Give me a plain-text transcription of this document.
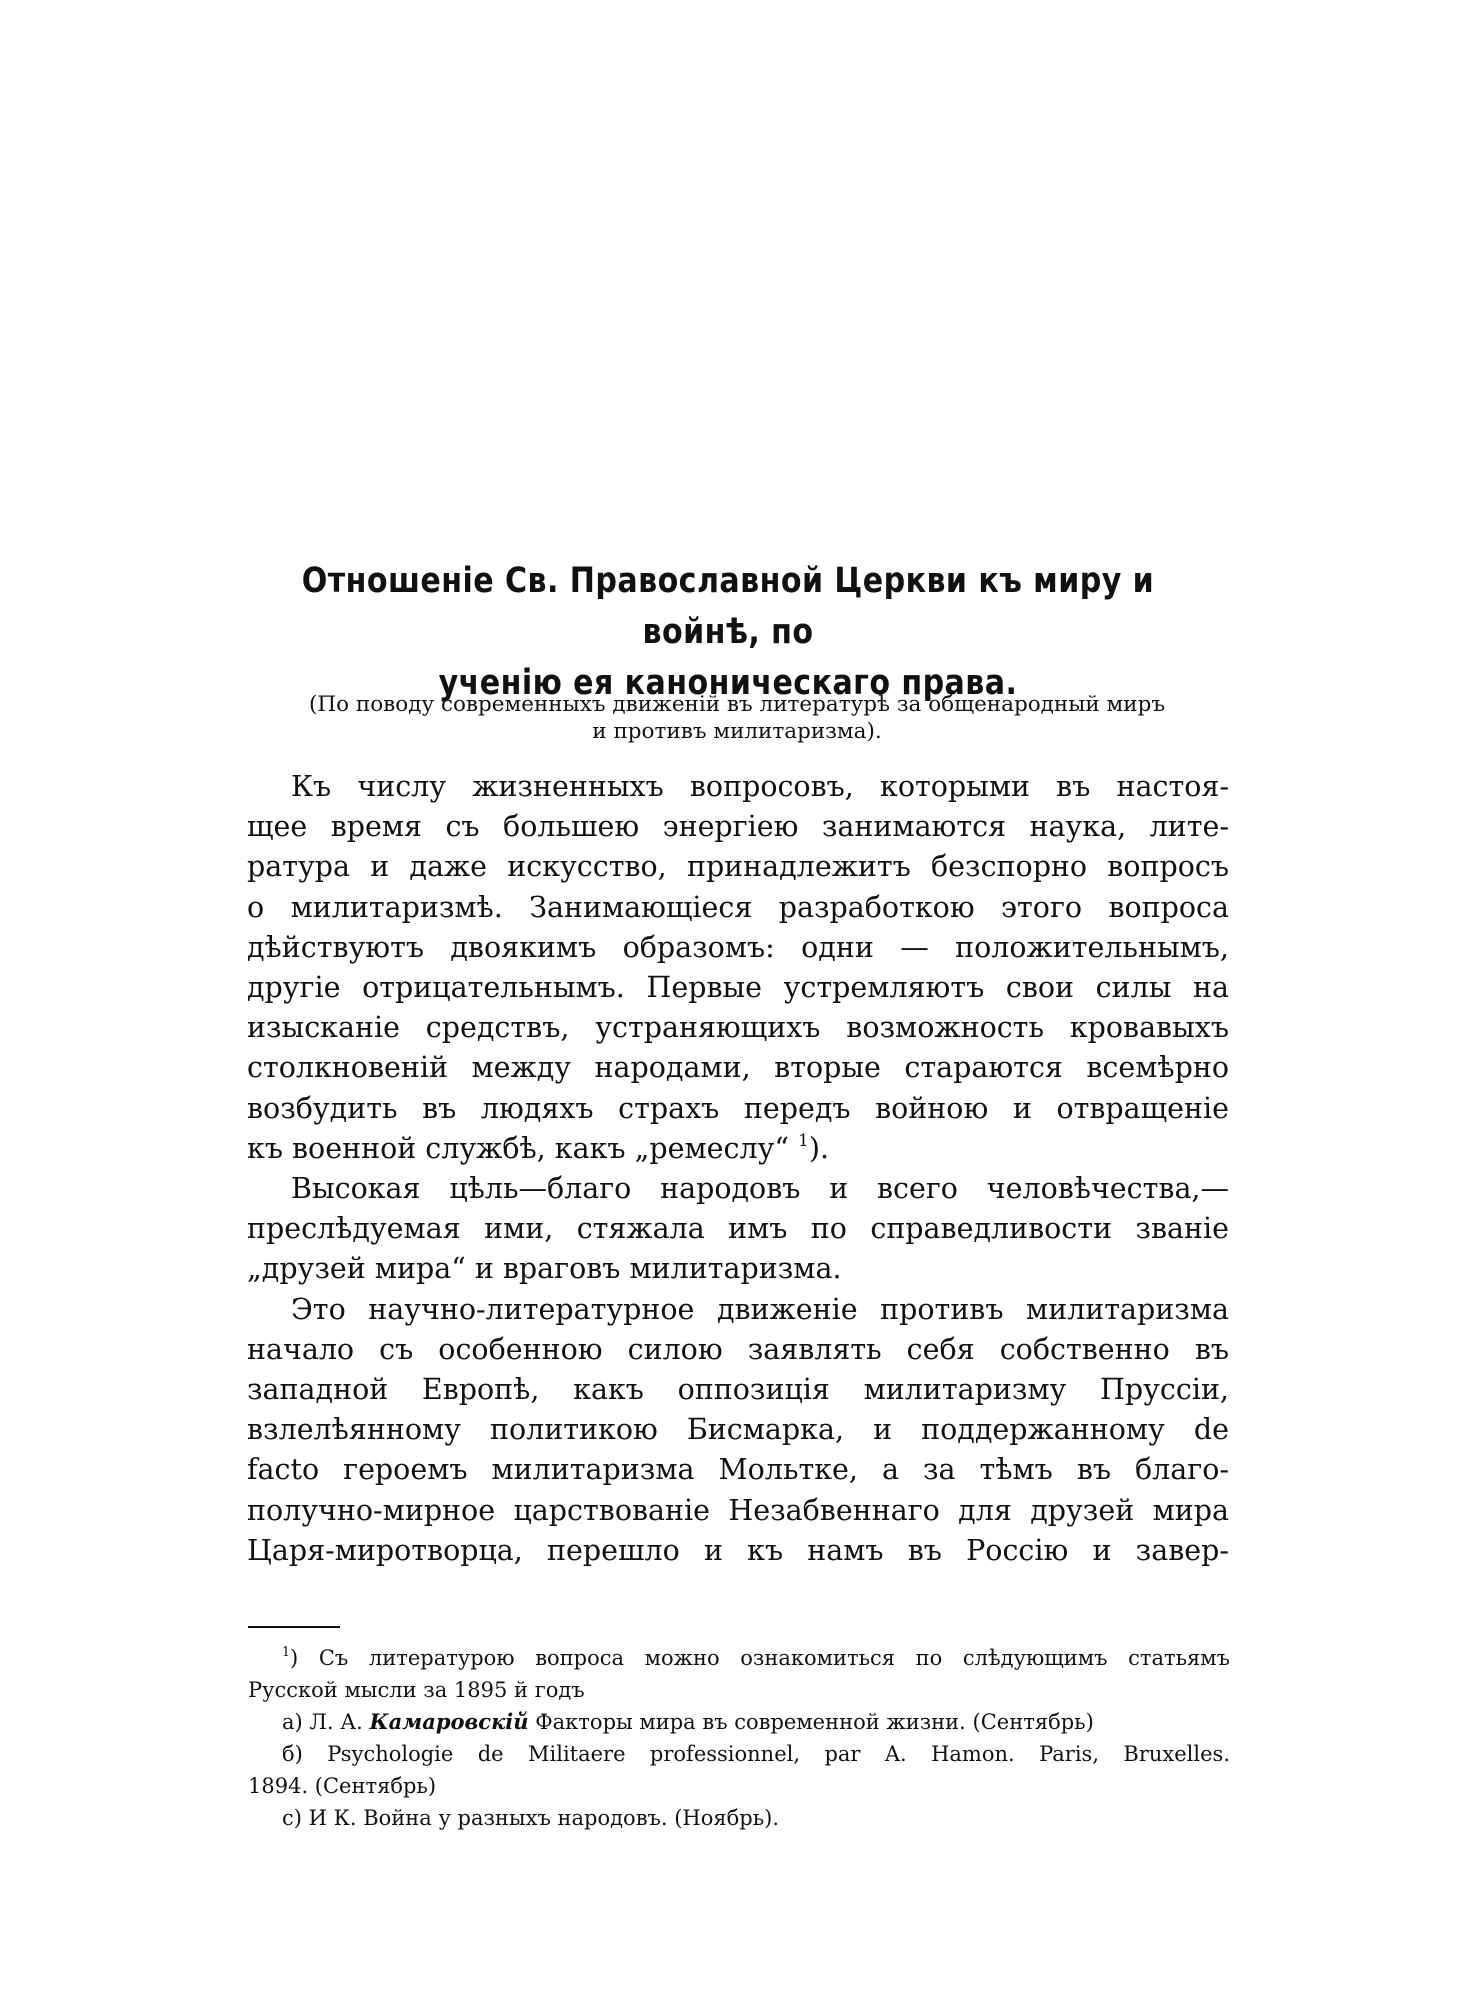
Отношеніе Св. Православной Церкви къ миру и войнѣ, по
ученію ея каноническаго права.
(По поводу современныхъ движеній въ литературѣ за общенародный миръ
и противъ милитаризма).

Къ числу жизненныхъ вопросовъ, которыми въ настоя-

щее время съ большею энергіею занимаются наука, лите-

ратура и даже искусство, принадлежитъ безспорно вопросъ

о милитаризмѣ. Занимающіеся разработкою этого вопроса

дѣйствуютъ двоякимъ образомъ: одни — положительнымъ,

другіе отрицательнымъ. Первые устремляютъ свои силы на

изысканіе средствъ, устраняющихъ возможность кровавыхъ

столкновеній между народами, вторые стараются всемѣрно

возбудить въ людяхъ страхъ передъ войною и отвращеніе

къ военной службѣ, какъ „ремеслу“ $^1$).

Высокая цѣль—благо народовъ и всего человѣчества,—

преслѣдуемая ими, стяжала имъ по справедливости званіе

„друзей мира“ и враговъ милитаризма.

Это научно-литературное движеніе противъ милитаризма

начало съ особенною силою заявлять себя собственно въ

западной Европѣ, какъ оппозиція милитаризму Пруссіи,

взлелѣянному политикою Бисмарка, и поддержанному de

facto героемъ милитаризма Мольтке, а за тѣмъ въ благо-

получно-мирное царствованіе Незабвеннаго для друзей мира

Царя-миротворца, перешло и къ намъ въ Россію и завер-

$^1$) Съ литературою вопроса можно ознакомиться по слѣдующимъ статьямъ

Русской мысли за 1895 й годъ

а) Л. А. Камаровскій Факторы мира въ современной жизни. (Сентябрь)

б) Psychologie de Militaere professionnel, par A. Hamon. Paris, Bruxelles.

1894. (Сентябрь)

с) И К. Война у разныхъ народовъ. (Ноябрь).
